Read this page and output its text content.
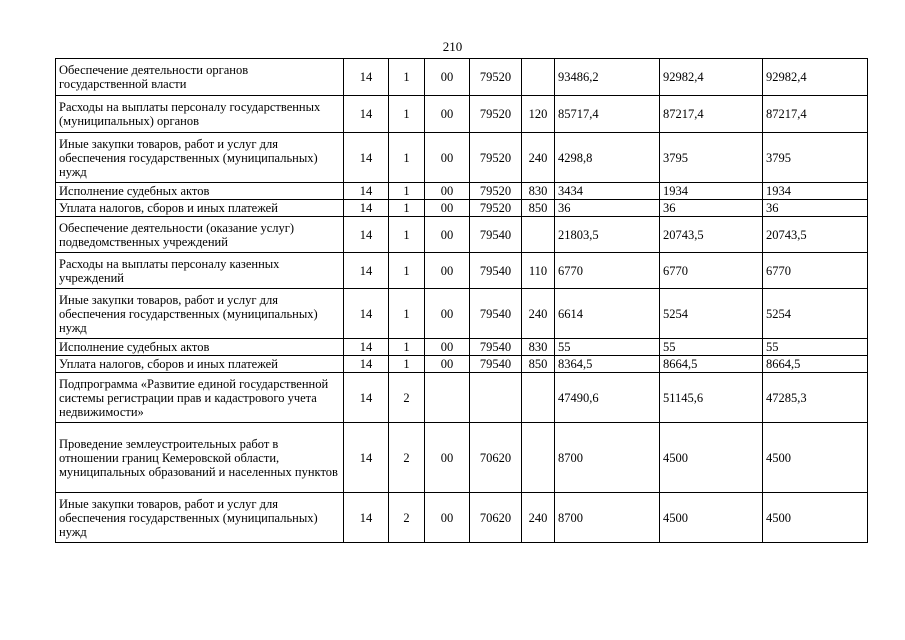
210
Обеспечение деятельности органов государственной власти	14	1	00	79520		93486,2	92982,4	92982,4
Расходы на выплаты персоналу государственных (муниципальных) органов	14	1	00	79520	120	85717,4	87217,4	87217,4
Иные закупки товаров, работ и услуг для обеспечения государственных (муниципальных) нужд	14	1	00	79520	240	4298,8	3795	3795
Исполнение судебных актов	14	1	00	79520	830	3434	1934	1934
Уплата налогов, сборов и иных платежей	14	1	00	79520	850	36	36	36
Обеспечение деятельности (оказание услуг) подведомственных учреждений	14	1	00	79540		21803,5	20743,5	20743,5
Расходы на выплаты персоналу казенных учреждений	14	1	00	79540	110	6770	6770	6770
Иные закупки товаров, работ и услуг для обеспечения государственных (муниципальных) нужд	14	1	00	79540	240	6614	5254	5254
Исполнение судебных актов	14	1	00	79540	830	55	55	55
Уплата налогов, сборов и иных платежей	14	1	00	79540	850	8364,5	8664,5	8664,5
Подпрограмма «Развитие единой государственной системы регистрации прав и кадастрового учета недвижимости»	14	2				47490,6	51145,6	47285,3
Проведение землеустроительных работ в отношении границ Кемеровской области, муниципальных образований и населенных пунктов	14	2	00	70620		8700	4500	4500
Иные закупки товаров, работ и услуг для обеспечения государственных (муниципальных) нужд	14	2	00	70620	240	8700	4500	4500
